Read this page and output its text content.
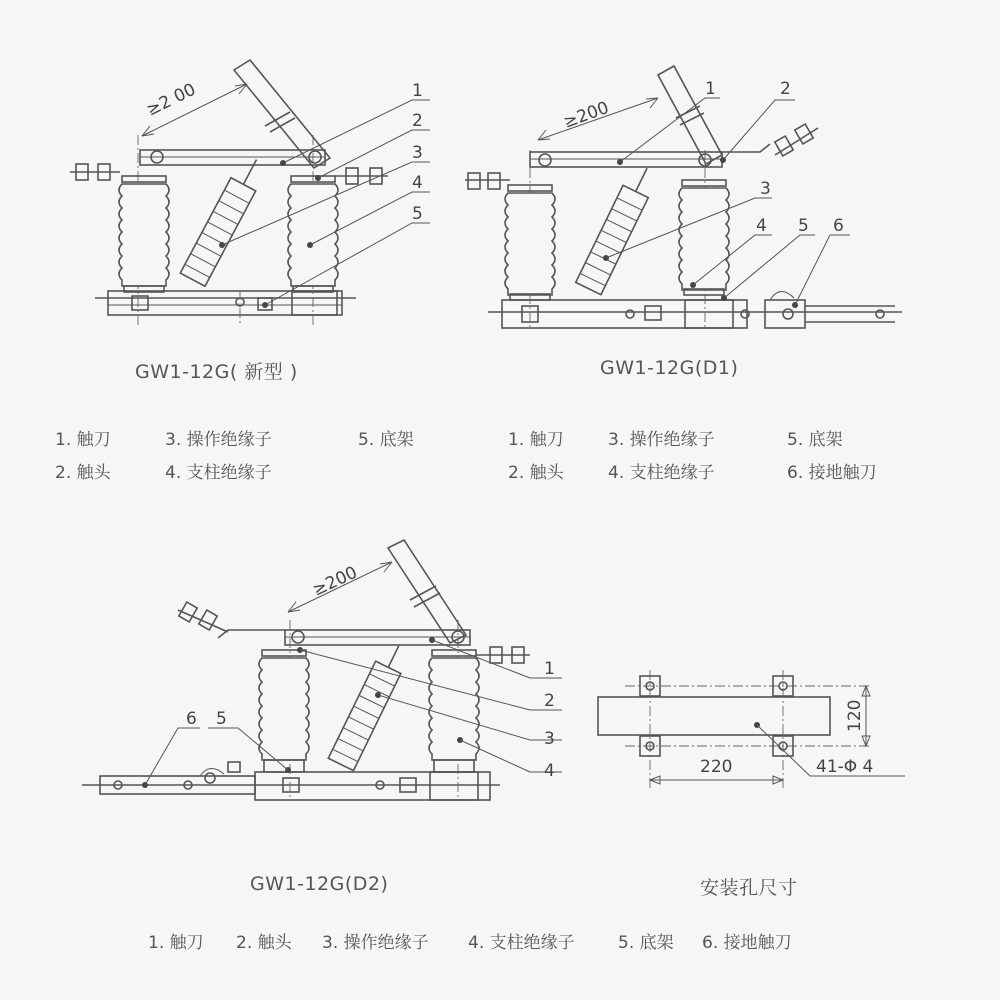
≥2 00	1
2
3
4
5
≥200
1	2
3
4 5 6
≥200
1
2
3
4
5
6
220
120
41-Φ 4
GW1-12G( 新型 )	GW1-12G(D1)
GW1-12G(D2)	安装孔尺寸
1. 触刀	3. 操作绝缘子	5. 底架
2. 触头	4. 支柱绝缘子
1. 触刀	3. 操作绝缘子	5. 底架
2. 触头	4. 支柱绝缘子	6. 接地触刀
1. 触刀 2. 触头 3. 操作绝缘子 4. 支柱绝缘子	5. 底架 6. 接地触刀
